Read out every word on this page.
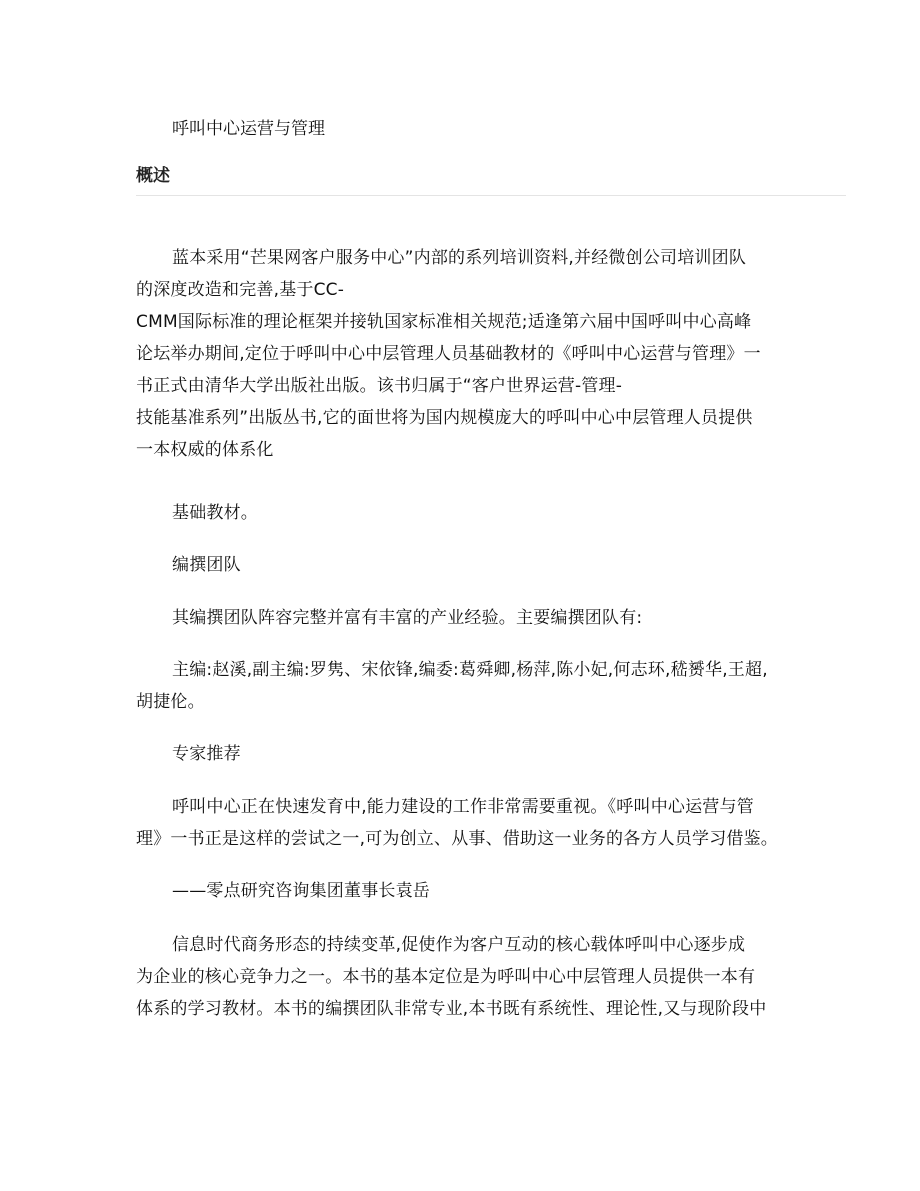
呼叫中心运营与管理
概述
蓝本采用“芒果网客户服务中心”内部的系列培训资料,并经微创公司培训团队
的深度改造和完善,基于CC-
CMM国际标准的理论框架并接轨国家标准相关规范;适逢第六届中国呼叫中心高峰
论坛举办期间,定位于呼叫中心中层管理人员基础教材的《呼叫中心运营与管理》一
书正式由清华大学出版社出版。该书归属于“客户世界运营-管理-
技能基准系列”出版丛书,它的面世将为国内规模庞大的呼叫中心中层管理人员提供
一本权威的体系化
基础教材。
编撰团队
其编撰团队阵容完整并富有丰富的产业经验。主要编撰团队有:
主编:赵溪,副主编:罗隽、宋依锋,编委:葛舜卿,杨萍,陈小妃,何志环,嵇赟华,王超,
胡捷伦。
专家推荐
呼叫中心正在快速发育中,能力建设的工作非常需要重视。《呼叫中心运营与管
理》一书正是这样的尝试之一,可为创立、从事、借助这一业务的各方人员学习借鉴。
——零点研究咨询集团董事长袁岳
信息时代商务形态的持续变革,促使作为客户互动的核心载体呼叫中心逐步成
为企业的核心竞争力之一。本书的基本定位是为呼叫中心中层管理人员提供一本有
体系的学习教材。本书的编撰团队非常专业,本书既有系统性、理论性,又与现阶段中
